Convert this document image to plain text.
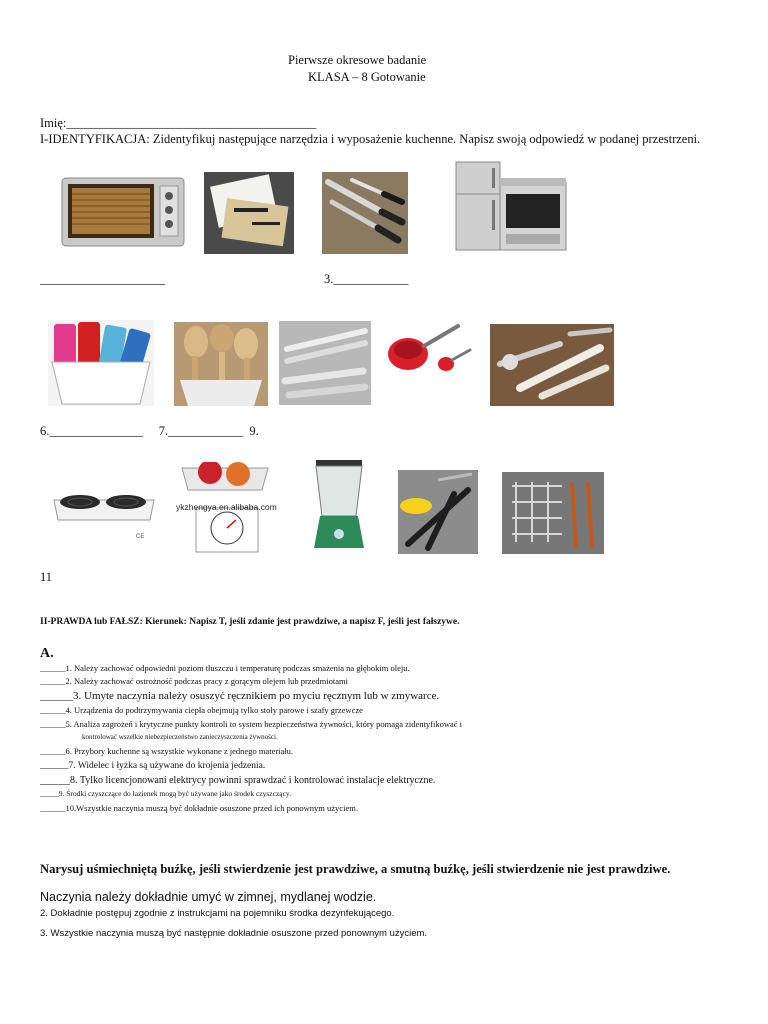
Pierwsze okresowe badanie
KLASA – 8 Gotowanie
Imię:________________________________________
I-IDENTYFIKACJA: Zidentyfikuj następujące narzędzia i wyposażenie kuchenne. Napisz swoją odpowiedź w podanej przestrzeni.
____________________	3.____________
6._______________     7.____________  9.
CE
ykzhengya.en.alibaba.com
11
II-PRAWDA lub FAŁSZ: Kierunek: Napisz T, jeśli zdanie jest prawdziwe, a napisz F, jeśli jest fałszywe.
A.
______1. Należy zachować odpowiedni poziom tłuszczu i temperaturę podczas smażenia na głębokim oleju.
______2. Należy zachować ostrożność podczas pracy z gorącym olejem lub przedmiotami
______3. Umyte naczynia należy osuszyć ręcznikiem po myciu ręcznym lub w zmywarce.
______4. Urządzenia do podtrzymywania ciepła obejmują tylko stoły parowe i szafy grzewcze
______5. Analiza zagrożeń i krytyczne punkty kontroli to system bezpieczeństwa żywności, który pomaga zidentyfikować i
kontrolować wszelkie niebezpieczeństwo zanieczyszczenia żywności.
______6. Przybory kuchenne są wszystkie wykonane z jednego materiału.
______7. Widelec i łyżka są używane do krojenia jedzenia.
______8. Tylko licencjonowani elektrycy powinni sprawdzać i kontrolować instalacje elektryczne.
_____9. Środki czyszczące do łazienek mogą być używane jako środek czyszczący.
______10.Wszystkie naczynia muszą być dokładnie osuszone przed ich ponownym użyciem.
Narysuj uśmiechniętą buźkę, jeśli stwierdzenie jest prawdziwe, a smutną buźkę, jeśli stwierdzenie nie jest prawdziwe.
Naczynia należy dokładnie umyć w zimnej, mydlanej wodzie.
2. Dokładnie postępuj zgodnie z instrukcjami na pojemniku środka dezynfekującego.
3. Wszystkie naczynia muszą być następnie dokładnie osuszone przed ponownym użyciem.
